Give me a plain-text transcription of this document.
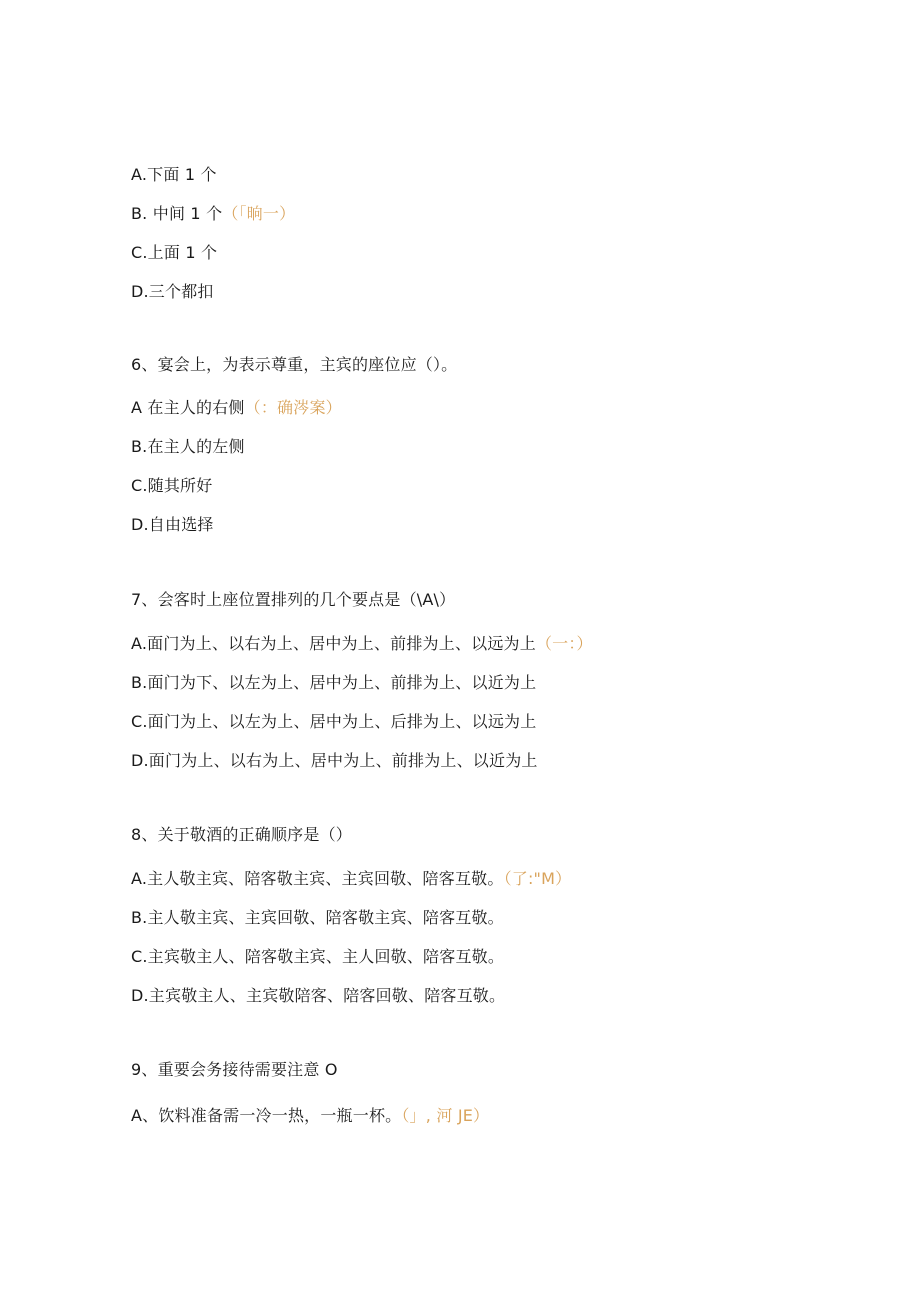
A.下面 1 个
B. 中间 1 个（「晌一）
C.上面 1 个
D.三个都扣
6、宴会上，为表示尊重，主宾的座位应（）。
A 在主人的右侧（：确涔案）
B.在主人的左侧
C.随其所好
D.自由选择
7、会客时上座位置排列的几个要点是（\A\）
A.面门为上、以右为上、居中为上、前排为上、以远为上（一：）
B.面门为下、以左为上、居中为上、前排为上、以近为上
C.面门为上、以左为上、居中为上、后排为上、以远为上
D.面门为上、以右为上、居中为上、前排为上、以近为上
8、关于敬酒的正确顺序是（）
A.主人敬主宾、陪客敬主宾、主宾回敬、陪客互敬。（了:"M）
B.主人敬主宾、主宾回敬、陪客敬主宾、陪客互敬。
C.主宾敬主人、陪客敬主宾、主人回敬、陪客互敬。
D.主宾敬主人、主宾敬陪客、陪客回敬、陪客互敬。
9、重要会务接待需要注意 O
A、饮料准备需一冷一热，一瓶一杯。（」, 河 JE）
